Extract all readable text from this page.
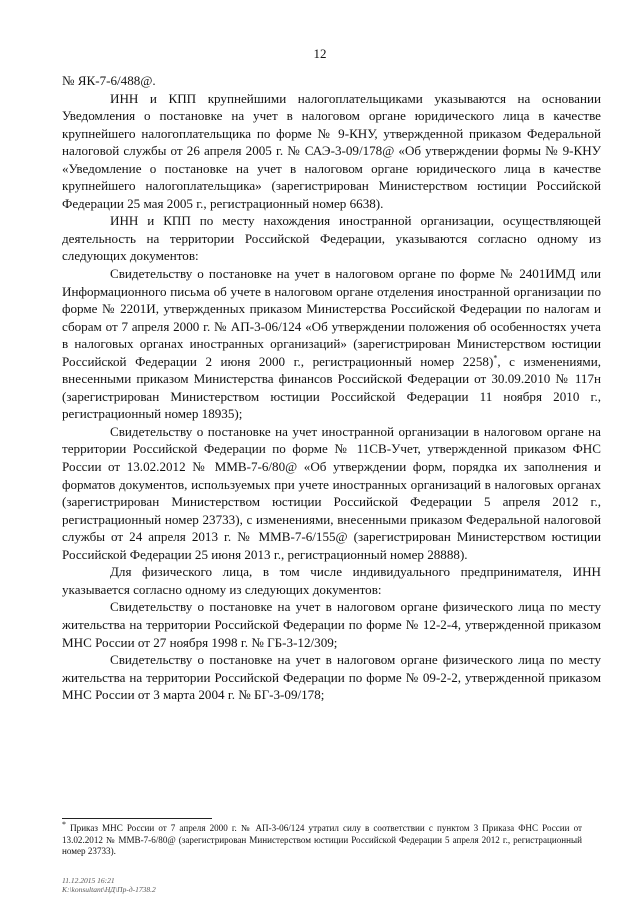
12

№ ЯК-7-6/488@.

ИНН и КПП крупнейшими налогоплательщиками указываются на основании Уведомления о постановке на учет в налоговом органе юридического лица в качестве крупнейшего налогоплательщика по форме № 9-КНУ, утвержденной приказом Федеральной налоговой службы от 26 апреля 2005 г. № САЭ-3-09/178@ «Об утверждении формы № 9-КНУ «Уведомление о постановке на учет в налоговом органе юридического лица в качестве крупнейшего налогоплательщика» (зарегистрирован Министерством юстиции Российской Федерации 25 мая 2005 г., регистрационный номер 6638).

ИНН и КПП по месту нахождения иностранной организации, осуществляющей деятельность на территории Российской Федерации, указываются согласно одному из следующих документов:

Свидетельству о постановке на учет в налоговом органе по форме № 2401ИМД или Информационного письма об учете в налоговом органе отделения иностранной организации по форме № 2201И, утвержденных приказом Министерства Российской Федерации по налогам и сборам от 7 апреля 2000 г. № АП-3-06/124 «Об утверждении положения об особенностях учета в налоговых органах иностранных организаций» (зарегистрирован Министерством юстиции Российской Федерации 2 июня 2000 г., регистрационный номер 2258)*, с изменениями, внесенными приказом Министерства финансов Российской Федерации от 30.09.2010 № 117н (зарегистрирован Министерством юстиции Российской Федерации 11 ноября 2010 г., регистрационный номер 18935);

Свидетельству о постановке на учет иностранной организации в налоговом органе на территории Российской Федерации по форме № 11СВ-Учет, утвержденной приказом ФНС России от 13.02.2012 № ММВ-7-6/80@ «Об утверждении форм, порядка их заполнения и форматов документов, используемых при учете иностранных организаций в налоговых органах (зарегистрирован Министерством юстиции Российской Федерации 5 апреля 2012 г., регистрационный номер 23733), с изменениями, внесенными приказом Федеральной налоговой службы от 24 апреля 2013 г. № ММВ-7-6/155@ (зарегистрирован Министерством юстиции Российской Федерации 25 июня 2013 г., регистрационный номер 28888).

Для физического лица, в том числе индивидуального предпринимателя, ИНН указывается согласно одному из следующих документов:

Свидетельству о постановке на учет в налоговом органе физического лица по месту жительства на территории Российской Федерации по форме № 12-2-4, утвержденной приказом МНС России от 27 ноября 1998 г. № ГБ-3-12/309;

Свидетельству о постановке на учет в налоговом органе физического лица по месту жительства на территории Российской Федерации по форме № 09-2-2, утвержденной приказом МНС России от 3 марта 2004 г. № БГ-3-09/178;

* Приказ МНС России от 7 апреля 2000 г. № АП-3-06/124 утратил силу в соответствии с пунктом 3 Приказа ФНС России от 13.02.2012 № ММВ-7-6/80@ (зарегистрирован Министерством юстиции Российской Федерации 5 апреля 2012 г., регистрационный номер 23733).

11.12.2015 16:21
К:\konsultant\НД\Пр-д-1738.2
